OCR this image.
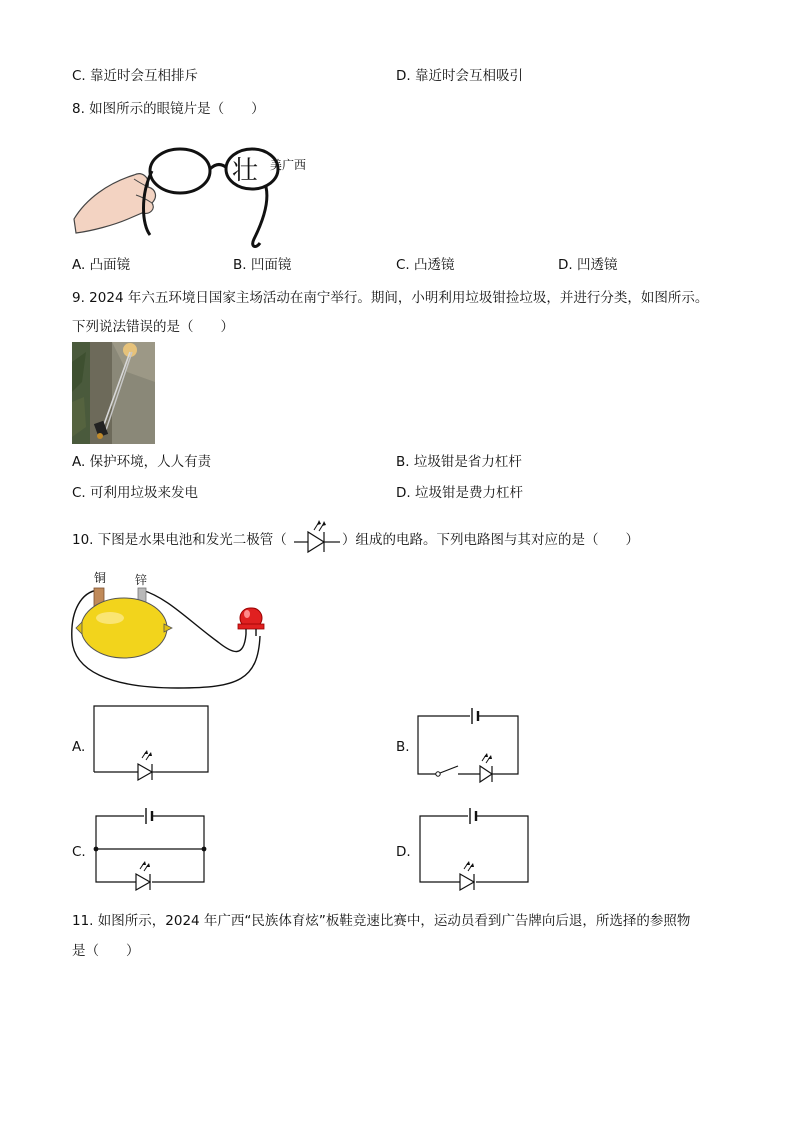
C. 靠近时会互相排斥	D. 靠近时会互相吸引
8. 如图所示的眼镜片是（　　）
壮 美广西
A. 凸面镜	B. 凹面镜	C. 凸透镜	D. 凹透镜
9. 2024 年六五环境日国家主场活动在南宁举行。期间，小明利用垃圾钳捡垃圾，并进行分类，如图所示。
下列说法错误的是（　　）
A. 保护环境，人人有责	B. 垃圾钳是省力杠杆
C. 可利用垃圾来发电	D. 垃圾钳是费力杠杆
10. 下图是水果电池和发光二极管（	）组成的电路。下列电路图与其对应的是（　　）
铜 锌
A.	B.
C.	D.
11. 如图所示，2024 年广西“民族体育炫”板鞋竞速比赛中，运动员看到广告牌向后退，所选择的参照物
是（　　）
